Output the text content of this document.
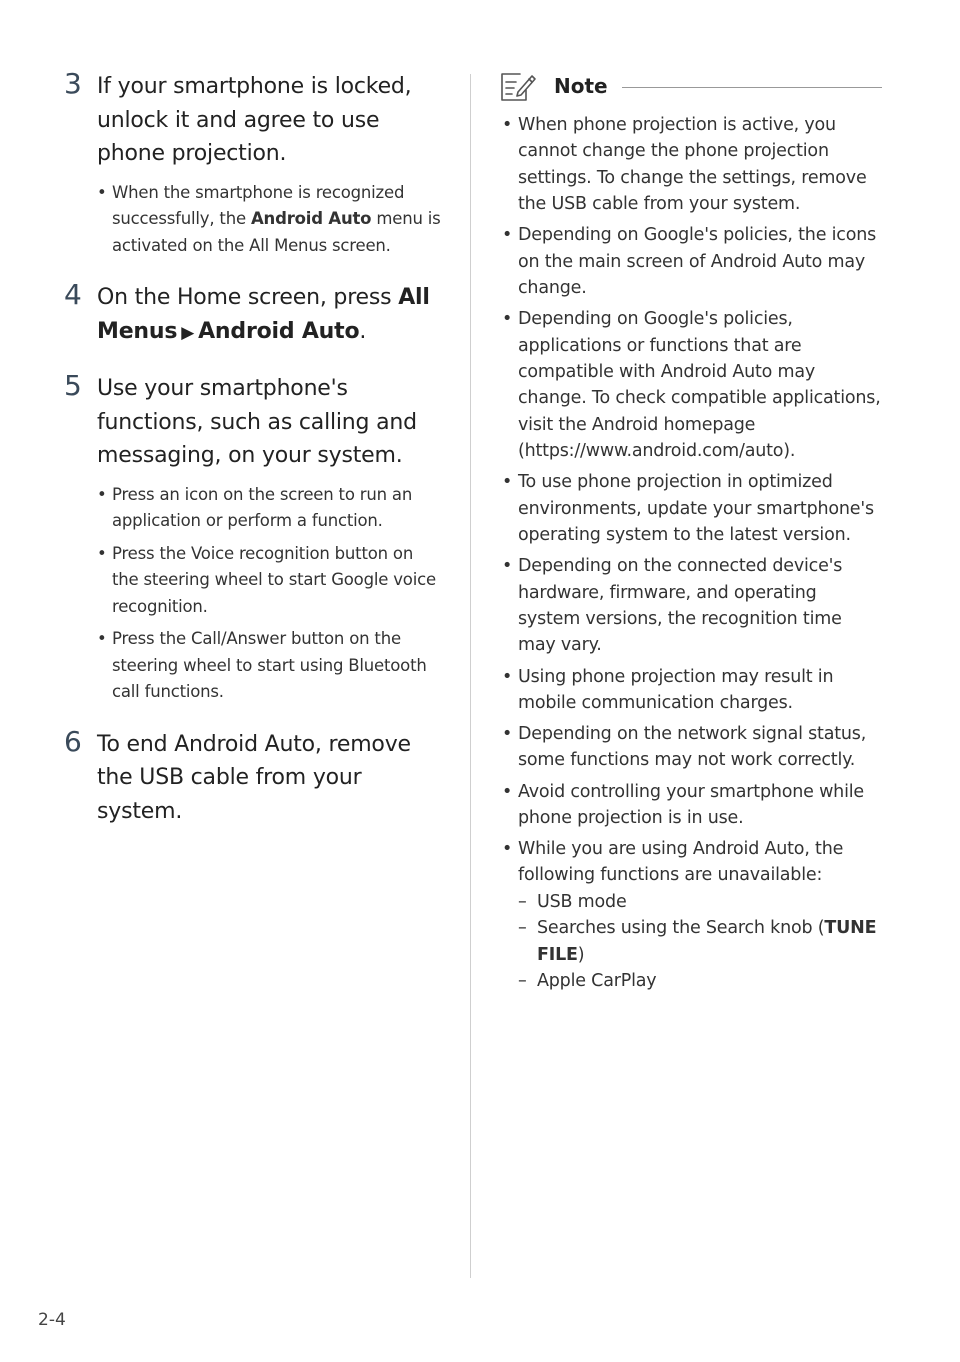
3 If your smartphone is locked, unlock it and agree to use phone projection.
• When the smartphone is recognized successfully, the Android Auto menu is activated on the All Menus screen.
4 On the Home screen, press All Menus ▶ Android Auto.
5 Use your smartphone's functions, such as calling and messaging, on your system.
• Press an icon on the screen to run an application or perform a function.
• Press the Voice recognition button on the steering wheel to start Google voice recognition.
• Press the Call/Answer button on the steering wheel to start using Bluetooth call functions.
6 To end Android Auto, remove the USB cable from your system.
Note
• When phone projection is active, you cannot change the phone projection settings. To change the settings, remove the USB cable from your system.
• Depending on Google's policies, the icons on the main screen of Android Auto may change.
• Depending on Google's policies, applications or functions that are compatible with Android Auto may change. To check compatible applications, visit the Android homepage (https://www.android.com/auto).
• To use phone projection in optimized environments, update your smartphone's operating system to the latest version.
• Depending on the connected device's hardware, firmware, and operating system versions, the recognition time may vary.
• Using phone projection may result in mobile communication charges.
• Depending on the network signal status, some functions may not work correctly.
• Avoid controlling your smartphone while phone projection is in use.
• While you are using Android Auto, the following functions are unavailable:
– USB mode
– Searches using the Search knob (TUNE FILE)
– Apple CarPlay
2-4
